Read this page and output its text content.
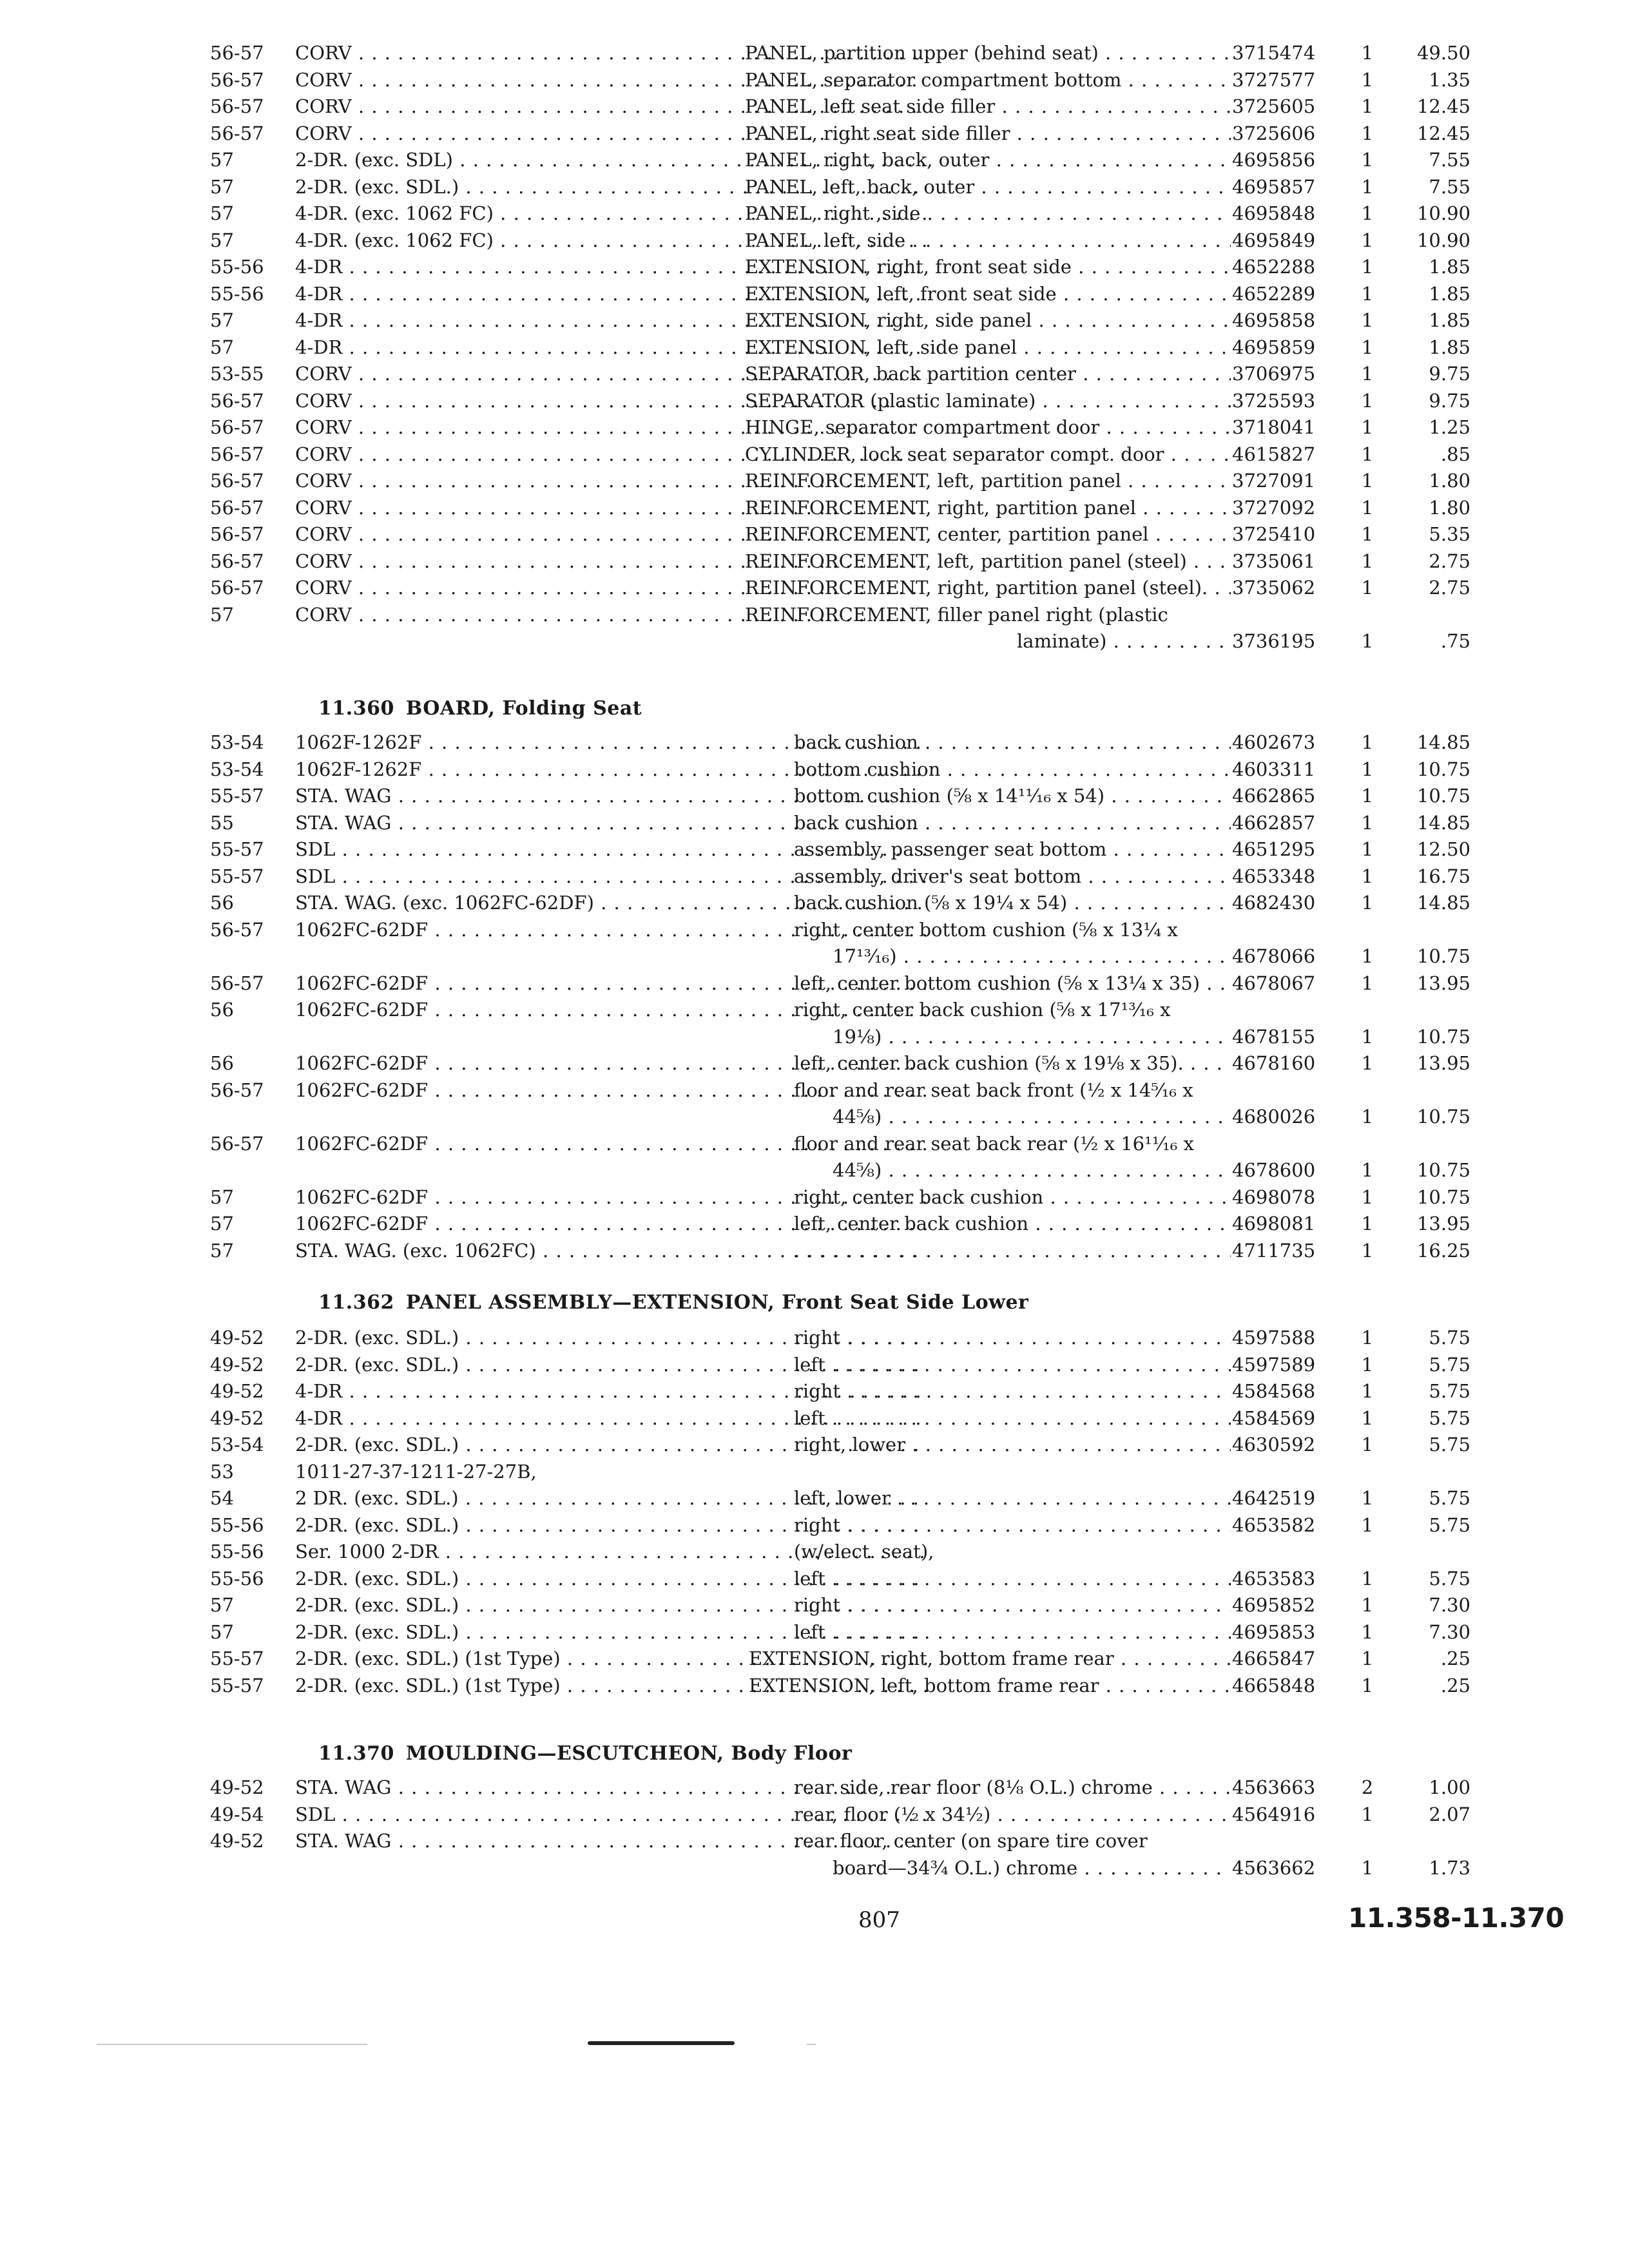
56-57	CORV . . .	PANEL, partition upper (behind seat) . . .	3715474	1	49.50
56-57	CORV . . .	PANEL, separator compartment bottom . . .	3727577	1	1.35
56-57	CORV . . .	PANEL, left seat side filler . . .	3725605	1	12.45
56-57	CORV . . .	PANEL, right seat side filler . . .	3725606	1	12.45
57	2-DR. (exc. SDL) . . .	PANEL, right, back, outer . . .	4695856	1	7.55
57	2-DR. (exc. SDL.) . . .	PANEL, left, back, outer . . .	4695857	1	7.55
57	4-DR. (exc. 1062 FC) . . .	PANEL, right ,side . . .	4695848	1	10.90
57	4-DR. (exc. 1062 FC) . . .	PANEL, left, side . . .	4695849	1	10.90
55-56	4-DR . . .	EXTENSION, right, front seat side . . .	4652288	1	1.85
55-56	4-DR . . .	EXTENSION, left, front seat side . . .	4652289	1	1.85
57	4-DR . . .	EXTENSION, right, side panel . . .	4695858	1	1.85
57	4-DR . . .	EXTENSION, left, side panel . . .	4695859	1	1.85
53-55	CORV . . .	SEPARATOR, back partition center . . .	3706975	1	9.75
56-57	CORV . . .	SEPARATOR (plastic laminate) . . .	3725593	1	9.75
56-57	CORV . . .	HINGE, separator compartment door . . .	3718041	1	1.25
56-57	CORV . . .	CYLINDER, lock seat separator compt. door . . .	4615827	1	.85
56-57	CORV . . .	REINFORCEMENT, left, partition panel . . .	3727091	1	1.80
56-57	CORV . . .	REINFORCEMENT, right, partition panel . . .	3727092	1	1.80
56-57	CORV . . .	REINFORCEMENT, center, partition panel . . .	3725410	1	5.35
56-57	CORV . . .	REINFORCEMENT, left, partition panel (steel) . . .	3735061	1	2.75
56-57	CORV . . .	REINFORCEMENT, right, partition panel (steel). . . .	3735062	1	2.75
57	CORV . . .	REINFORCEMENT, filler panel right (plastic
laminate) . . .	3736195	1	.75
11.360 BOARD, Folding Seat
53-54	1062F-1262F . . .	back cushion . . .	4602673	1	14.85
53-54	1062F-1262F . . .	bottom cushion . . .	4603311	1	10.75
55-57	STA. WAG . . .	bottom cushion (⅝ x 14¹¹⁄₁₆ x 54) . . .	4662865	1	10.75
55	STA. WAG . . .	back cushion . . .	4662857	1	14.85
55-57	SDL . . .	assembly, passenger seat bottom . . .	4651295	1	12.50
55-57	SDL . . .	assembly, driver's seat bottom . . .	4653348	1	16.75
56	STA. WAG. (exc. 1062FC-62DF) . . .	back cushion (⅝ x 19¼ x 54) . . .	4682430	1	14.85
56-57	1062FC-62DF . . .	right, center bottom cushion (⅝ x 13¼ x
17¹³⁄₁₆) . . .	4678066	1	10.75
56-57	1062FC-62DF . . .	left, center bottom cushion (⅝ x 13¼ x 35) . . .	4678067	1	13.95
56	1062FC-62DF . . .	right, center back cushion (⅝ x 17¹³⁄₁₆ x
19⅛) . . .	4678155	1	10.75
56	1062FC-62DF . . .	left, center back cushion (⅝ x 19⅛ x 35). . . .	4678160	1	13.95
56-57	1062FC-62DF . . .	floor and rear seat back front (½ x 14⁵⁄₁₆ x
44⅝) . . .	4680026	1	10.75
56-57	1062FC-62DF . . .	floor and rear seat back rear (½ x 16¹¹⁄₁₆ x
44⅝) . . .	4678600	1	10.75
57	1062FC-62DF . . .	right, center back cushion . . .	4698078	1	10.75
57	1062FC-62DF . . .	left, center back cushion . . .	4698081	1	13.95
57	STA. WAG. (exc. 1062FC) . . .
. . .	4711735	1	16.25
11.362 PANEL ASSEMBLY—EXTENSION, Front Seat Side Lower
49-52	2-DR. (exc. SDL.) . . .	right . . .	4597588	1	5.75
49-52	2-DR. (exc. SDL.) . . .	left . . .	4597589	1	5.75
49-52	4-DR . . .	right . . .	4584568	1	5.75
49-52	4-DR . . .	left . . .	4584569	1	5.75
53-54	2-DR. (exc. SDL.) . . .	right, lower . . .	4630592	1	5.75
53	1011-27-37-1211-27-27B,
54	2 DR. (exc. SDL.) . . .	left, lower . . .	4642519	1	5.75
55-56	2-DR. (exc. SDL.) . . .	right . . .	4653582	1	5.75
55-56	Ser. 1000 2-DR . . .	(w/elect. seat),
55-56	2-DR. (exc. SDL.) . . .	left . . .	4653583	1	5.75
57	2-DR. (exc. SDL.) . . .	right . . .	4695852	1	7.30
57	2-DR. (exc. SDL.) . . .	left . . .	4695853	1	7.30
55-57	2-DR. (exc. SDL.) (1st Type) . . .	EXTENSION, right, bottom frame rear . . .	4665847	1	.25
55-57	2-DR. (exc. SDL.) (1st Type) . . .	EXTENSION, left, bottom frame rear . . .	4665848	1	.25
11.370 MOULDING—ESCUTCHEON, Body Floor
49-52	STA. WAG . . .	rear side, rear floor (8⅛ O.L.) chrome . . .	4563663	2	1.00
49-54	SDL . . .	rear, floor (½ x 34½) . . .	4564916	1	2.07
49-52	STA. WAG . . .	rear floor, center (on spare tire cover
board—34¾ O.L.) chrome . . .	4563662	1	1.73
807	11.358-11.370
